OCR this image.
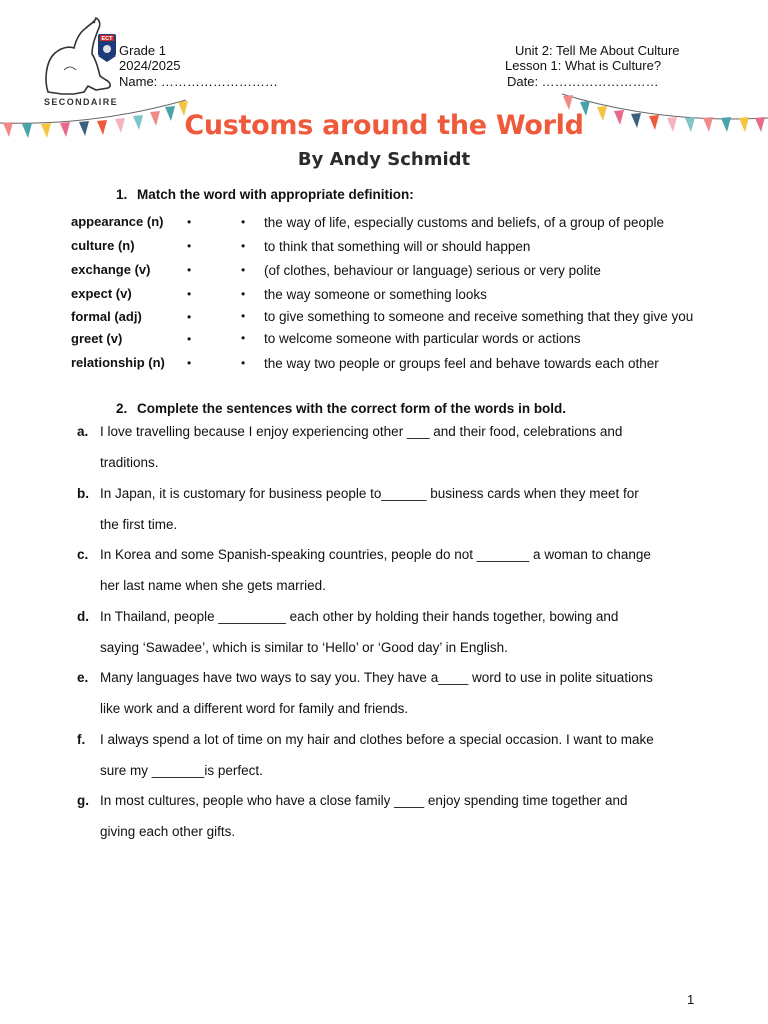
ECT
SECONDAIRE
Grade 1
2024/2025
Name: ………………………
Unit 2: Tell Me About Culture
Lesson 1: What is Culture?
Date: ………………………
Customs around the World
By Andy Schmidt
1. Match the word with appropriate definition:
appearance (n) •	• the way of life, especially customs and beliefs, of a group of people
culture (n)	•	• to think that something will or should happen
exchange (v)	•	• (of clothes, behaviour or language) serious or very polite
expect (v)	•	• the way someone or something looks
formal (adj)	•	• to give something to someone and receive something that they give you
greet (v)	•	• to welcome someone with particular words or actions
relationship (n) •	• the way two people or groups feel and behave towards each other
2. Complete the sentences with the correct form of the words in bold.
a. I love travelling because I enjoy experiencing other ___ and their food, celebrations and
traditions.
b. In Japan, it is customary for business people to______ business cards when they meet for
the first time.
c. In Korea and some Spanish-speaking countries, people do not _______ a woman to change
her last name when she gets married.
d. In Thailand, people _________ each other by holding their hands together, bowing and
saying ‘Sawadee’, which is similar to ‘Hello’ or ‘Good day’ in English.
e. Many languages have two ways to say you. They have a____ word to use in polite situations
like work and a different word for family and friends.
f. I always spend a lot of time on my hair and clothes before a special occasion. I want to make
sure my _______is perfect.
g. In most cultures, people who have a close family ____ enjoy spending time together and
giving each other gifts.
1
